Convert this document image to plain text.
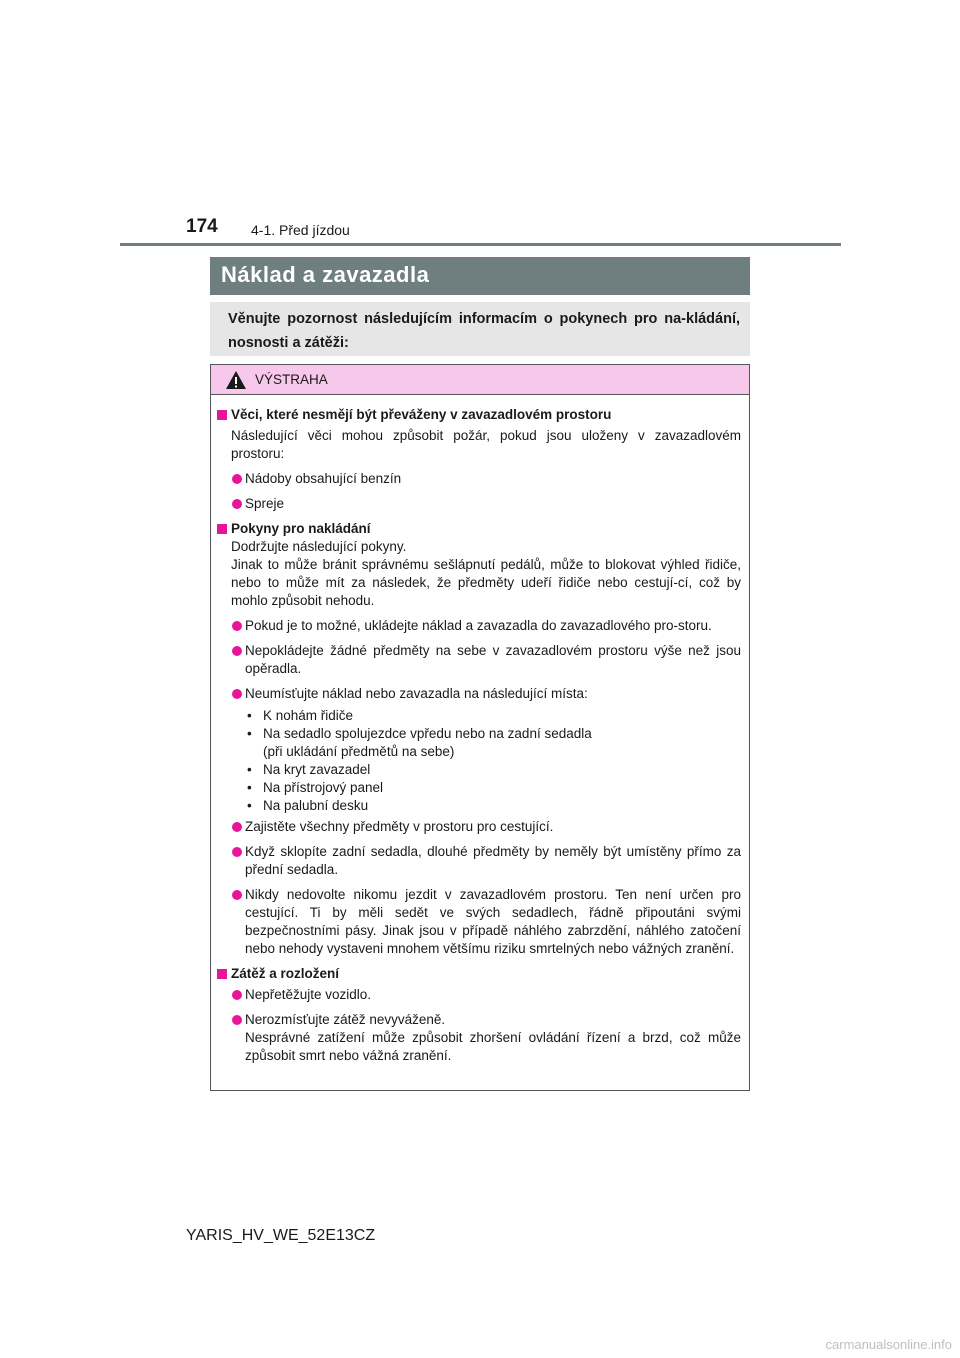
174 4-1. Před jízdou
Náklad a zavazadla
Věnujte pozornost následujícím informacím o pokynech pro na-kládání, nosnosti a zátěži:
VÝSTRAHA
Věci, které nesmějí být převáženy v zavazadlovém prostoru
Následující věci mohou způsobit požár, pokud jsou uloženy v zavazadlovém prostoru:
Nádoby obsahující benzín
Spreje
Pokyny pro nakládání
Dodržujte následující pokyny.
Jinak to může bránit správnému sešlápnutí pedálů, může to blokovat výhled řidiče, nebo to může mít za následek, že předměty udeří řidiče nebo cestují-cí, což by mohlo způsobit nehodu.
Pokud je to možné, ukládejte náklad a zavazadla do zavazadlového pro-storu.
Nepokládejte žádné předměty na sebe v zavazadlovém prostoru výše než jsou opěradla.
Neumísťujte náklad nebo zavazadla na následující místa:
• K nohám řidiče
• Na sedadlo spolujezdce vpředu nebo na zadní sedadla
(při ukládání předmětů na sebe)
• Na kryt zavazadel
• Na přístrojový panel
• Na palubní desku
Zajistěte všechny předměty v prostoru pro cestující.
Když sklopíte zadní sedadla, dlouhé předměty by neměly být umístěny přímo za přední sedadla.
Nikdy nedovolte nikomu jezdit v zavazadlovém prostoru. Ten není určen pro cestující. Ti by měli sedět ve svých sedadlech, řádně připoutáni svými bezpečnostními pásy. Jinak jsou v případě náhlého zabrzdění, náhlého zatočení nebo nehody vystaveni mnohem většímu riziku smrtelných nebo vážných zranění.
Zátěž a rozložení
Nepřetěžujte vozidlo.
Nerozmísťujte zátěž nevyváženě.
Nesprávné zatížení může způsobit zhoršení ovládání řízení a brzd, což může způsobit smrt nebo vážná zranění.
YARIS_HV_WE_52E13CZ
carmanualsonline.info
